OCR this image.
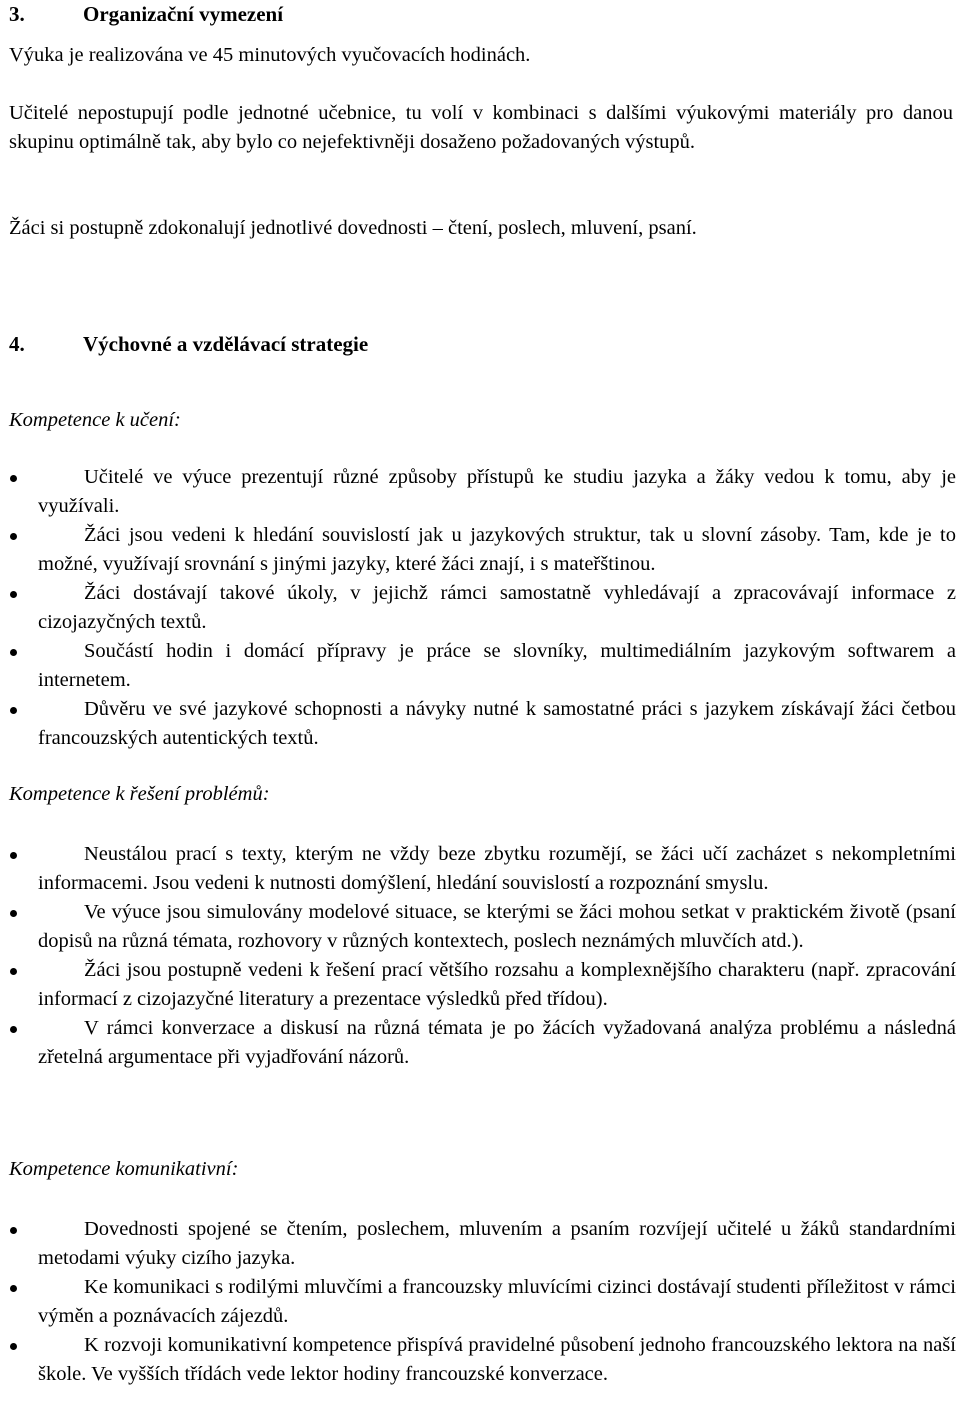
3.	Organizační vymezení

Výuka je realizována ve 45 minutových vyučovacích hodinách.

Učitelé nepostupují podle jednotné učebnice, tu volí v kombinaci s dalšími výukovými materiály pro danou skupinu optimálně tak, aby bylo co nejefektivněji dosaženo požadovaných výstupů.

Žáci si postupně zdokonalují jednotlivé dovednosti – čtení, poslech, mluvení, psaní.

4.	Výchovné a vzdělávací strategie

Kompetence k učení:

Učitelé ve výuce prezentují různé způsoby přístupů ke studiu jazyka a žáky vedou k tomu, aby je využívali.
Žáci jsou vedeni k hledání souvislostí jak u jazykových struktur, tak u slovní zásoby. Tam, kde je to možné, využívají srovnání s jinými jazyky, které žáci znají, i s mateřštinou.
Žáci dostávají takové úkoly, v jejichž rámci samostatně vyhledávají a zpracovávají informace z cizojazyčných textů.
Součástí hodin i domácí přípravy je práce se slovníky, multimediálním jazykovým softwarem a internetem.
Důvěru ve své jazykové schopnosti a návyky nutné k samostatné práci s jazykem získávají žáci četbou francouzských autentických textů.

Kompetence k řešení problémů:

Neustálou prací s texty, kterým ne vždy beze zbytku rozumějí, se žáci učí zacházet s nekompletními informacemi. Jsou vedeni k nutnosti domýšlení, hledání souvislostí a rozpoznání smyslu.
Ve výuce jsou simulovány modelové situace, se kterými se žáci mohou setkat v praktickém životě (psaní dopisů na různá témata, rozhovory v různých kontextech, poslech neznámých mluvčích atd.).
Žáci jsou postupně vedeni k řešení prací většího rozsahu a komplexnějšího charakteru (např. zpracování informací z cizojazyčné literatury a prezentace výsledků před třídou).
V rámci konverzace a diskusí na různá témata je po žácích vyžadovaná analýza problému a následná zřetelná argumentace při vyjadřování názorů.

Kompetence komunikativní:

Dovednosti spojené se čtením, poslechem, mluvením a psaním rozvíjejí učitelé u žáků standardními metodami výuky cizího jazyka.
Ke komunikaci s rodilými mluvčími a francouzsky mluvícími cizinci dostávají studenti příležitost v rámci výměn a poznávacích zájezdů.
K rozvoji komunikativní kompetence přispívá pravidelné působení jednoho francouzského lektora na naší škole. Ve vyšších třídách vede lektor hodiny francouzské konverzace.
